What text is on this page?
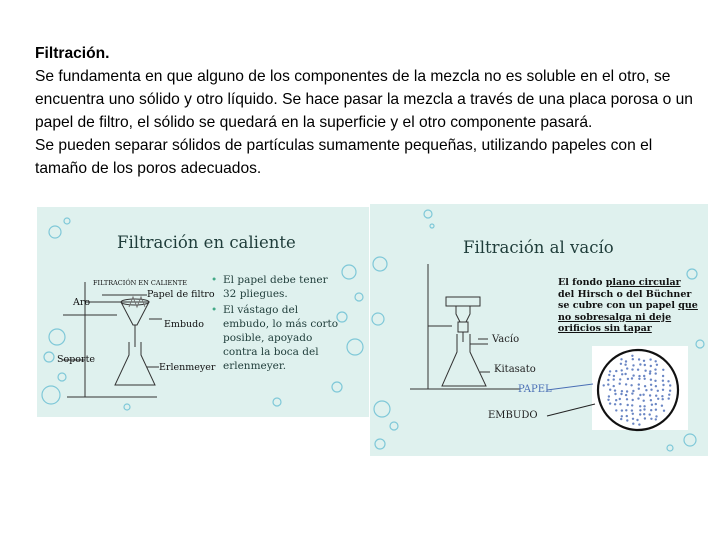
Filtración.

Se fundamenta en que alguno de los componentes de la mezcla no es soluble en el otro, se encuentra uno sólido y otro líquido. Se hace pasar la mezcla a través de una placa porosa o un papel de filtro, el sólido se quedará en la superficie y el otro componente pasará.

Se pueden separar sólidos de partículas sumamente pequeñas, utilizando papeles con el tamaño de los poros adecuados.

Filtración en caliente
FILTRACIÓN EN CALIENTE
Aro
Papel de filtro
Embudo
Soporte
Erlenmeyer
• El papel debe tener 32 pliegues.
• El vástago del embudo, lo más corto posible, apoyado contra la boca del erlenmeyer.
Filtración al vacío
El fondo plano circular del Hirsch o del Büchner se cubre con un papel que no sobresalga ni deje orificios sin tapar
Vacío
Kitasato
PAPEL
EMBUDO
